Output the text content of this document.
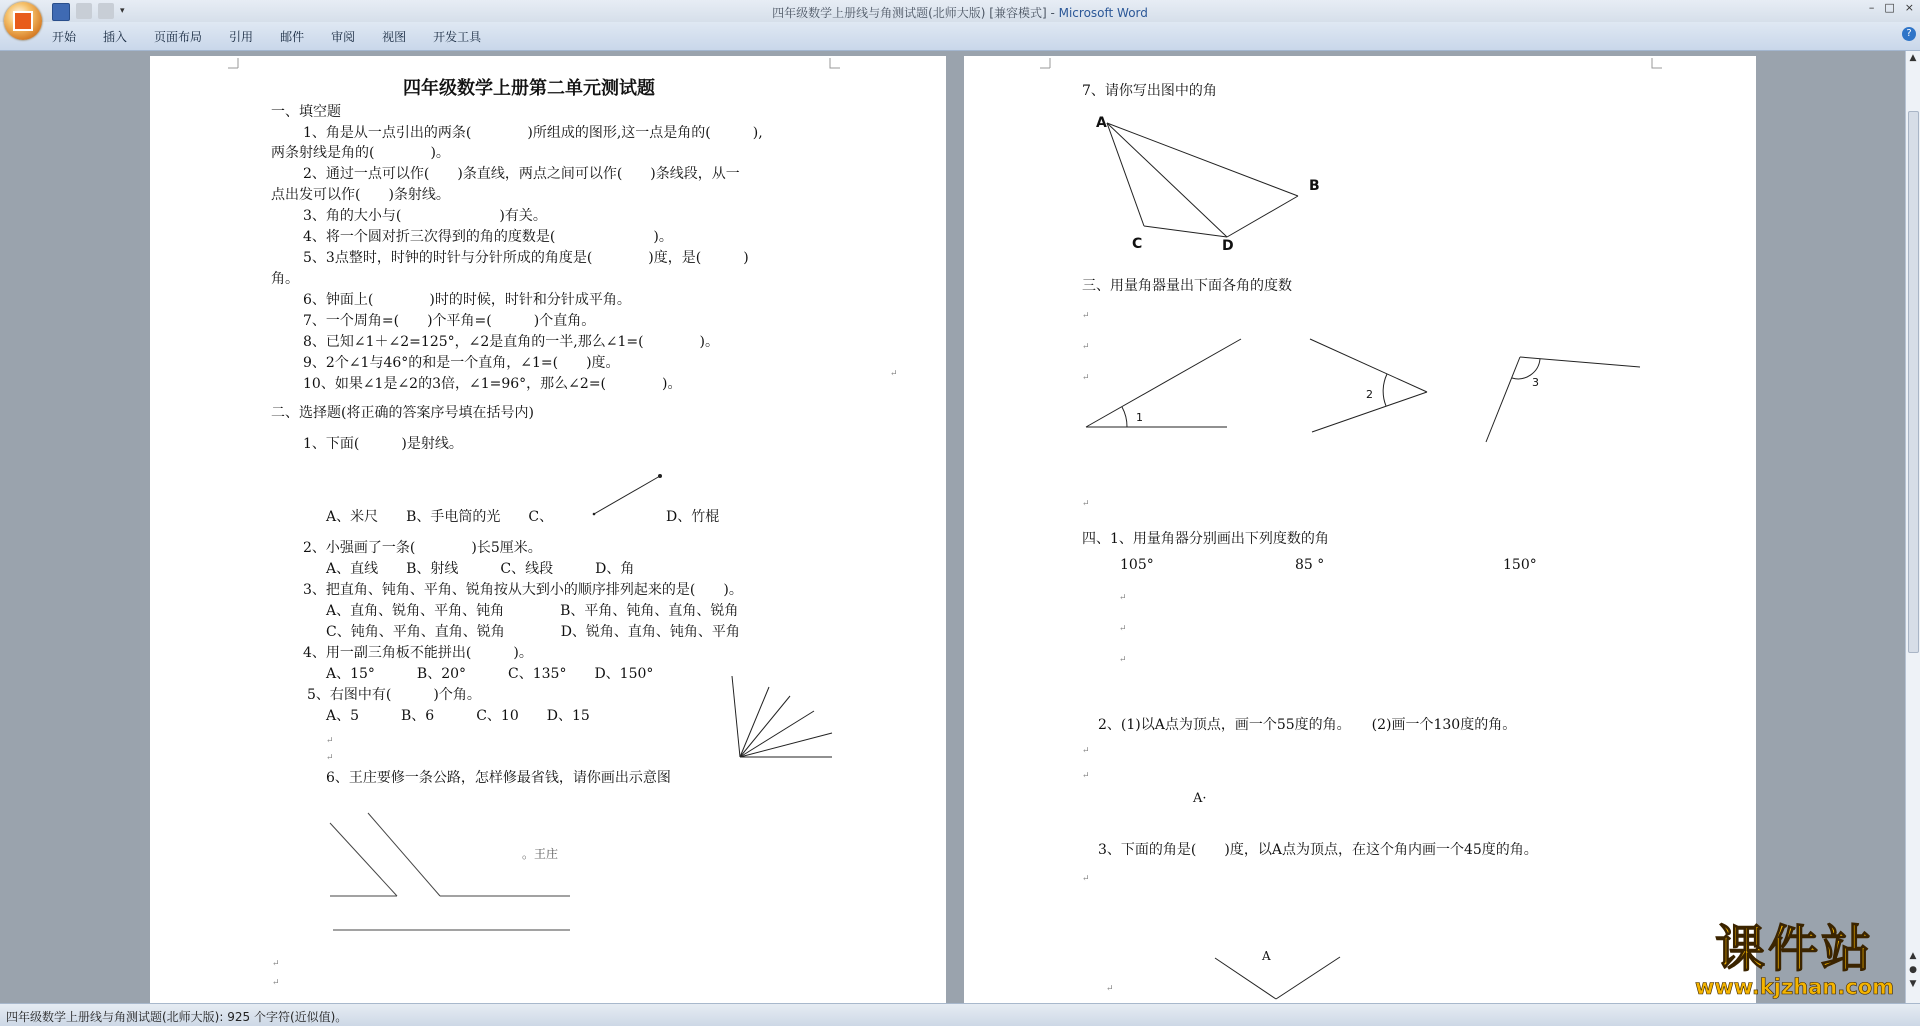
▾	四年级数学上册线与角测试题(北师大版) [兼容模式] - Microsoft Word	– □ ×
开始 插入 页面布局 引用 邮件 审阅 视图 开发工具	?
四年级数学上册第二单元测试题
一、填空题
1、角是从一点引出的两条(　　　　)所组成的图形,这一点是角的(　　　),
两条射线是角的(　　　　)。
2、通过一点可以作(　　)条直线，两点之间可以作(　　)条线段，从一
点出发可以作(　　)条射线。
3、角的大小与(　　　　　　　)有关。
4、将一个圆对折三次得到的角的度数是(　　　　　　　)。
5、3点整时，时钟的时针与分针所成的角度是(　　　　)度，是(　　　)
角。
6、钟面上(　　　　)时的时候，时针和分针成平角。
7、一个周角=(　　)个平角=(　　　)个直角。
8、已知∠1＋∠2=125°，∠2是直角的一半,那么∠1=(　　　　)。
9、2个∠1与46°的和是一个直角，∠1=(　　)度。
10、如果∠1是∠2的3倍，∠1=96°，那么∠2=(　　　　)。
二、选择题(将正确的答案序号填在括号内)
1、下面(　　　)是射线。
A、米尺　　B、手电筒的光　　C、	D、竹棍
2、小强画了一条(　　　　)长5厘米。
A、直线　　B、射线　　　C、线段　　　D、角
3、把直角、钝角、平角、锐角按从大到小的顺序排列起来的是(　　)。
A、直角、锐角、平角、钝角　　　　B、平角、钝角、直角、锐角
C、钝角、平角、直角、锐角　　　　D、锐角、直角、钝角、平角
4、用一副三角板不能拼出(　　　)。
A、15°　　　B、20°　　　C、135°　　D、150°
5、右图中有(　　　)个角。
A、5　　　B、6　　　C、10　　D、15
6、王庄要修一条公路，怎样修最省钱，请你画出示意图
。王庄
↵
↵
↵
↵
↵
A
B
C	D
1
2
3
7、请你写出图中的角
三、用量角器量出下面各角的度数
四、1、用量角器分别画出下列度数的角
105°	85 °	150°
2、(1)以A点为顶点，画一个55度的角。　　(2)画一个130度的角。
A·
3、下面的角是(　　)度，以A点为顶点，在这个角内画一个45度的角。
A
↵
↵
↵
↵
↵
↵
↵
↵
↵
↵
↵
▲
▲
●
▼
四年级数学上册线与角测试题(北师大版): 925 个字符(近似值)。
课件站
www.kjzhan.com
